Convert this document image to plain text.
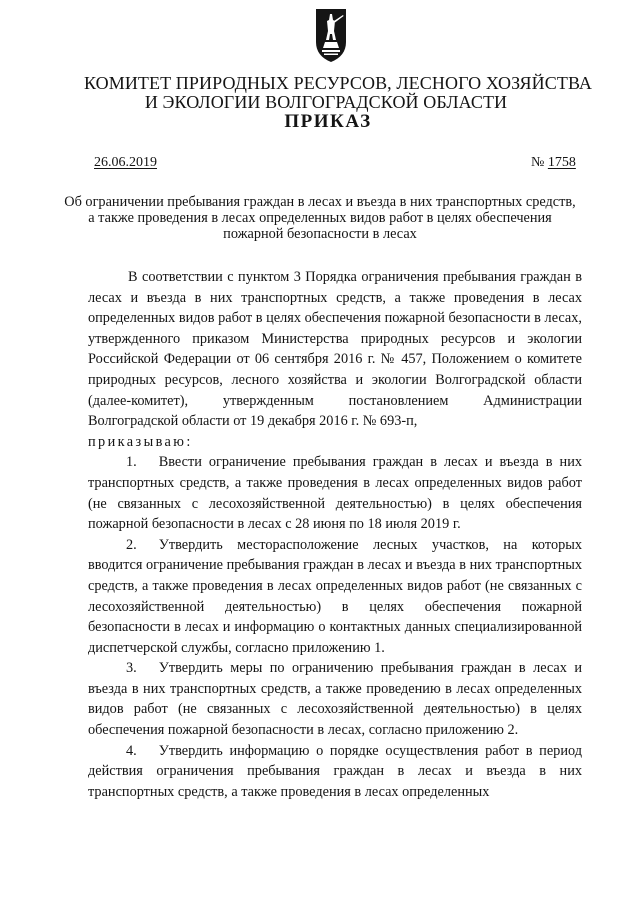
КОМИТЕТ ПРИРОДНЫХ РЕСУРСОВ, ЛЕСНОГО ХОЗЯЙСТВА
И ЭКОЛОГИИ ВОЛГОГРАДСКОЙ ОБЛАСТИ
ПРИКАЗ
26.06.2019	№ 1758
Об ограничении пребывания граждан в лесах и въезда в них транспортных средств, а также проведения в лесах определенных видов работ в целях обеспечения пожарной безопасности в лесах

В соответствии с пунктом 3 Порядка ограничения пребывания граждан в лесах и въезда в них транспортных средств, а также проведения в лесах определенных видов работ в целях обеспечения пожарной безопасности в лесах, утвержденного приказом Министерства природных ресурсов и экологии Российской Федерации от 06 сентября 2016 г. № 457, Положением о комитете природных ресурсов, лесного хозяйства и экологии Волгоградской области (далее-комитет), утвержденным постановлением Администрации Волгоградской области от 19 декабря 2016 г. № 693-п,
приказываю:

1. Ввести ограничение пребывания граждан в лесах и въезда в них транспортных средств, а также проведения в лесах определенных видов работ (не связанных с лесохозяйственной деятельностью) в целях обеспечения пожарной безопасности в лесах с 28 июня по 18 июля 2019 г.

2. Утвердить месторасположение лесных участков, на которых вводится ограничение пребывания граждан в лесах и въезда в них транспортных средств, а также проведения в лесах определенных видов работ (не связанных с лесохозяйственной деятельностью) в целях обеспечения пожарной безопасности в лесах и информацию о контактных данных специализированной диспетчерской службы, согласно приложению 1.

3. Утвердить меры по ограничению пребывания граждан в лесах и въезда в них транспортных средств, а также проведению в лесах определенных видов работ (не связанных с лесохозяйственной деятельностью) в целях обеспечения пожарной безопасности в лесах, согласно приложению 2.

4. Утвердить информацию о порядке осуществления работ в период действия ограничения пребывания граждан в лесах и въезда в них транспортных средств, а также проведения в лесах определенных
